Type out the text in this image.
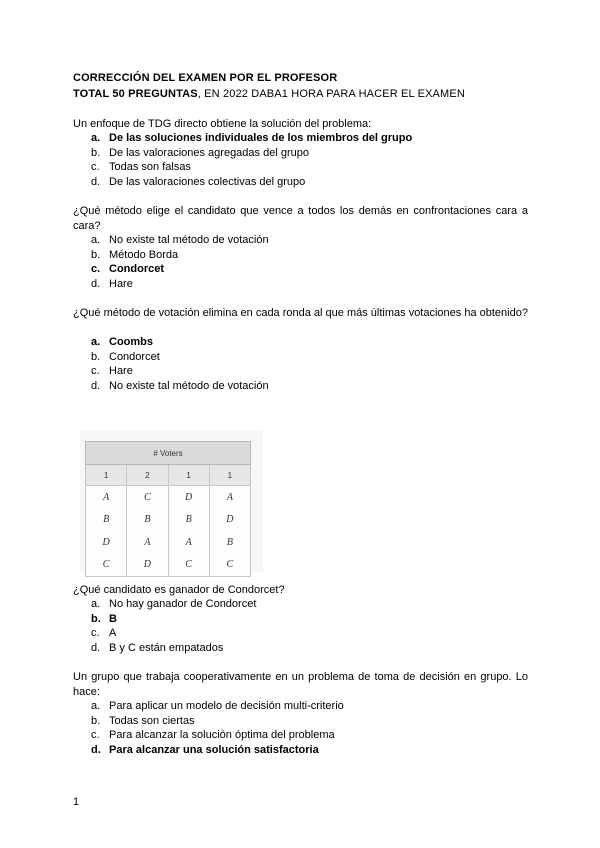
CORRECCIÓN DEL EXAMEN POR EL PROFESOR
TOTAL 50 PREGUNTAS, EN 2022 DABA1 HORA PARA HACER EL EXAMEN
Un enfoque de TDG directo obtiene la solución del problema:
a. De las soluciones individuales de los miembros del grupo
b. De las valoraciones agregadas del grupo
c. Todas son falsas
d. De las valoraciones colectivas del grupo
¿Qué método elige el candidato que vence a todos los demás en confrontaciones cara a cara?
a. No existe tal método de votación
b. Método Borda
c. Condorcet
d. Hare
¿Qué método de votación elimina en cada ronda al que más últimas votaciones ha obtenido?
a. Coombs
b. Condorcet
c. Hare
d. No existe tal método de votación
# Voters			
1	2	1	1
A	C	D	A
B	B	B	D
D	A	A	B
C	D	C	C
¿Qué candidato es ganador de Condorcet?
a. No hay ganador de Condorcet
b. B
c. A
d. B y C están empatados
Un grupo que trabaja cooperativamente en un problema de toma de decisión en grupo. Lo hace:
a. Para aplicar un modelo de decisión multi-criterio
b. Todas son ciertas
c. Para alcanzar la solución óptima del problema
d. Para alcanzar una solución satisfactoria
1
